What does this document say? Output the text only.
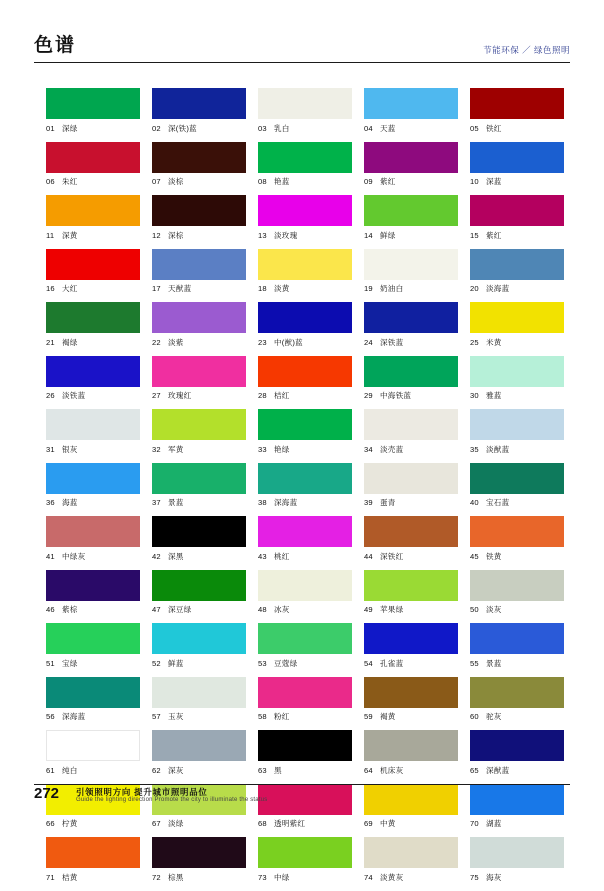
色谱	节能环保 ／ 绿色照明
01 深绿	02 深(铁)蓝	03 乳白	04 天蓝	05 铁红
06 朱红	07 淡棕	08 艳蓝	09 紫红	10 深蓝
11 深黄	12 深棕	13 淡玫瑰	14 鲜绿	15 紫红
16 大红	17 天猷蓝	18 淡黄	19 奶油白	20 淡海蓝
21 褐绿	22 淡紫	23 中(猷)蓝	24 深铁蓝	25 米黄
26 淡铁蓝	27 玫瑰红	28 桔红	29 中海铁蓝	30 雅蓝
31 银灰	32 军黄	33 艳绿	34 淡壳蓝	35 淡猷蓝
36 海蓝	37 景蓝	38 深海蓝	39 蛋青	40 宝石蓝
41 中绿灰	42 深黑	43 桃红	44 深铁红	45 铁黄
46 紫棕	47 深豆绿	48 冰灰	49 苹果绿	50 淡灰
51 宝绿	52 鲜蓝	53 豆蔻绿	54 孔雀蓝	55 景蓝
56 深海蓝	57 玉灰	58 粉红	59 褐黄	60 驼灰
61 纯白	62 深灰	63 黑	64 机床灰	65 深猷蓝
66 柠黄	67 淡绿	68 透明紫红	69 中黄	70 湖蓝
71 桔黄	72 棕黑	73 中绿	74 淡黄灰	75 海灰
272 引领照明方向 提升城市照明品位
Guide the lighting direction Promote the city to illuminate the status
